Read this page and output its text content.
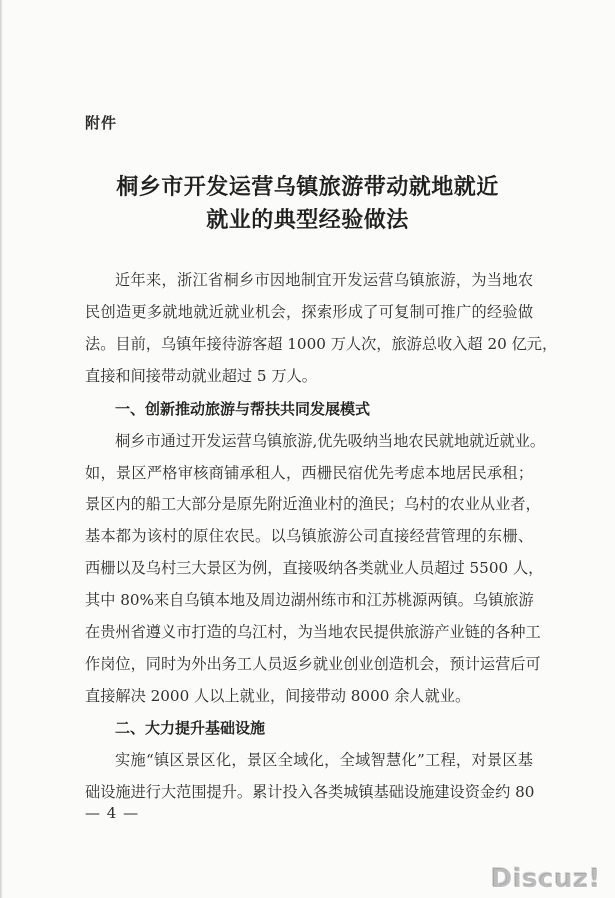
附件
桐乡市开发运营乌镇旅游带动就地就近
就业的典型经验做法
近年来，浙江省桐乡市因地制宜开发运营乌镇旅游，为当地农
民创造更多就地就近就业机会，探索形成了可复制可推广的经验做
法。目前，乌镇年接待游客超 1000 万人次，旅游总收入超 20 亿元，
直接和间接带动就业超过 5 万人。
一、创新推动旅游与帮扶共同发展模式
桐乡市通过开发运营乌镇旅游,优先吸纳当地农民就地就近就业。
如，景区严格审核商铺承租人，西栅民宿优先考虑本地居民承租；
景区内的船工大部分是原先附近渔业村的渔民；乌村的农业从业者，
基本都为该村的原住农民。以乌镇旅游公司直接经营管理的东栅、
西栅以及乌村三大景区为例，直接吸纳各类就业人员超过 5500 人，
其中 80%来自乌镇本地及周边湖州练市和江苏桃源两镇。乌镇旅游
在贵州省遵义市打造的乌江村，为当地农民提供旅游产业链的各种工
作岗位，同时为外出务工人员返乡就业创业创造机会，预计运营后可
直接解决 2000 人以上就业，间接带动 8000 余人就业。
二、大力提升基础设施
实施“镇区景区化，景区全域化，全域智慧化”工程，对景区基
础设施进行大范围提升。累计投入各类城镇基础设施建设资金约 80
— 4 —
Discuz!
